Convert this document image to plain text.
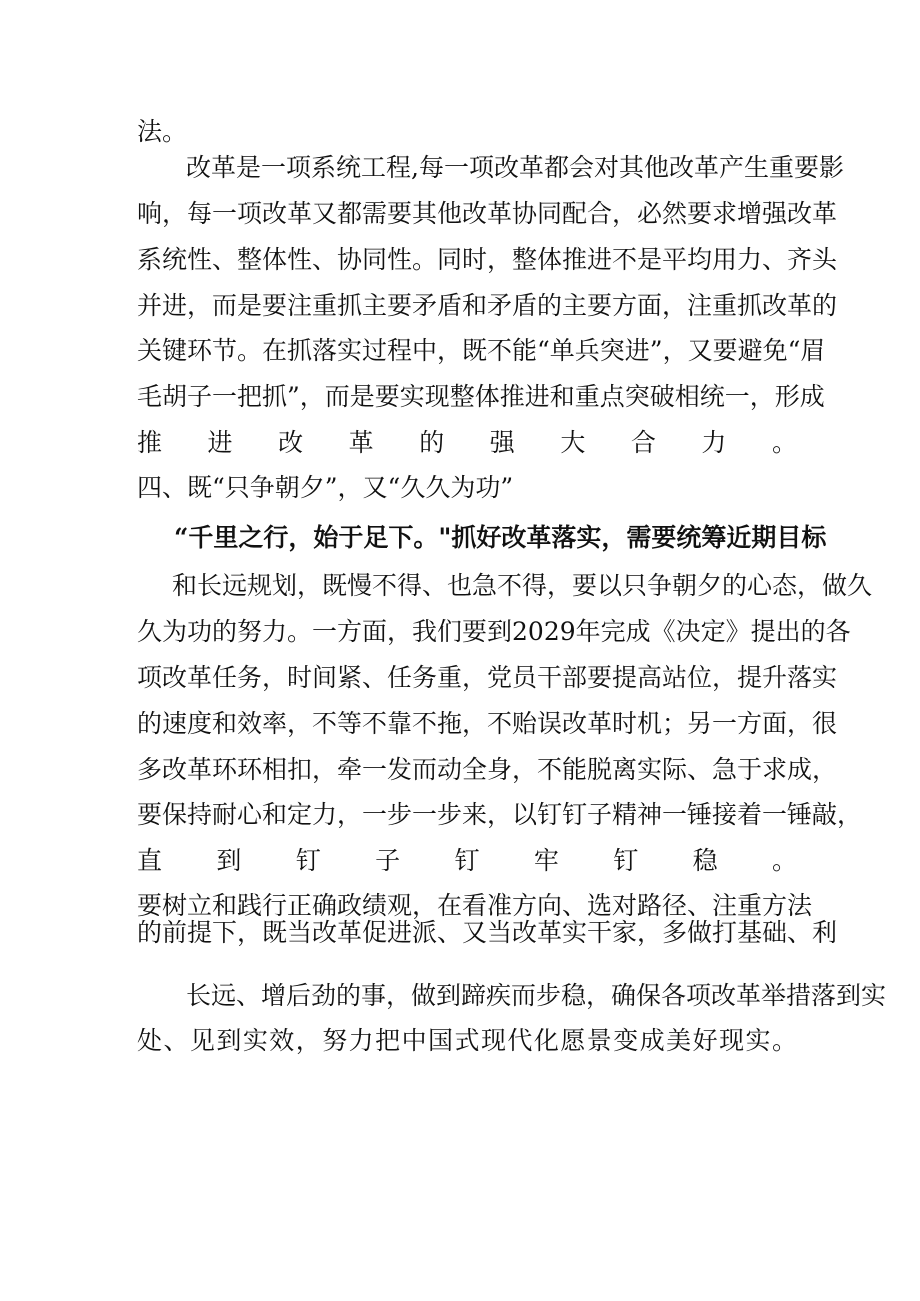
法。
改革是一项系统工程,每一项改革都会对其他改革产生重要影
响，每一项改革又都需要其他改革协同配合，必然要求增强改革
系统性、整体性、协同性。同时，整体推进不是平均用力、齐头
并进，而是要注重抓主要矛盾和矛盾的主要方面，注重抓改革的
关键环节。在抓落实过程中，既不能“单兵突进”，又要避免“眉
毛胡子一把抓”，而是要实现整体推进和重点突破相统一，形成
推进改革的强大合力。
四、既“只争朝夕”，又“久久为功”
“千里之行，始于足下。"抓好改革落实，需要统筹近期目标
和长远规划，既慢不得、也急不得，要以只争朝夕的心态，做久
久为功的努力。一方面，我们要到2029年完成《决定》提出的各
项改革任务，时间紧、任务重，党员干部要提高站位，提升落实
的速度和效率，不等不靠不拖，不贻误改革时机；另一方面，很
多改革环环相扣，牵一发而动全身，不能脱离实际、急于求成，
要保持耐心和定力，一步一步来，以钉钉子精神一锤接着一锤敲，
直到钉子钉牢钉稳。
要树立和践行正确政绩观，在看准方向、选对路径、注重方法
的前提下，既当改革促进派、又当改革实干家，多做打基础、利
长远、增后劲的事，做到蹄疾而步稳，确保各项改革举措落到实
处、见到实效，努力把中国式现代化愿景变成美好现实。
